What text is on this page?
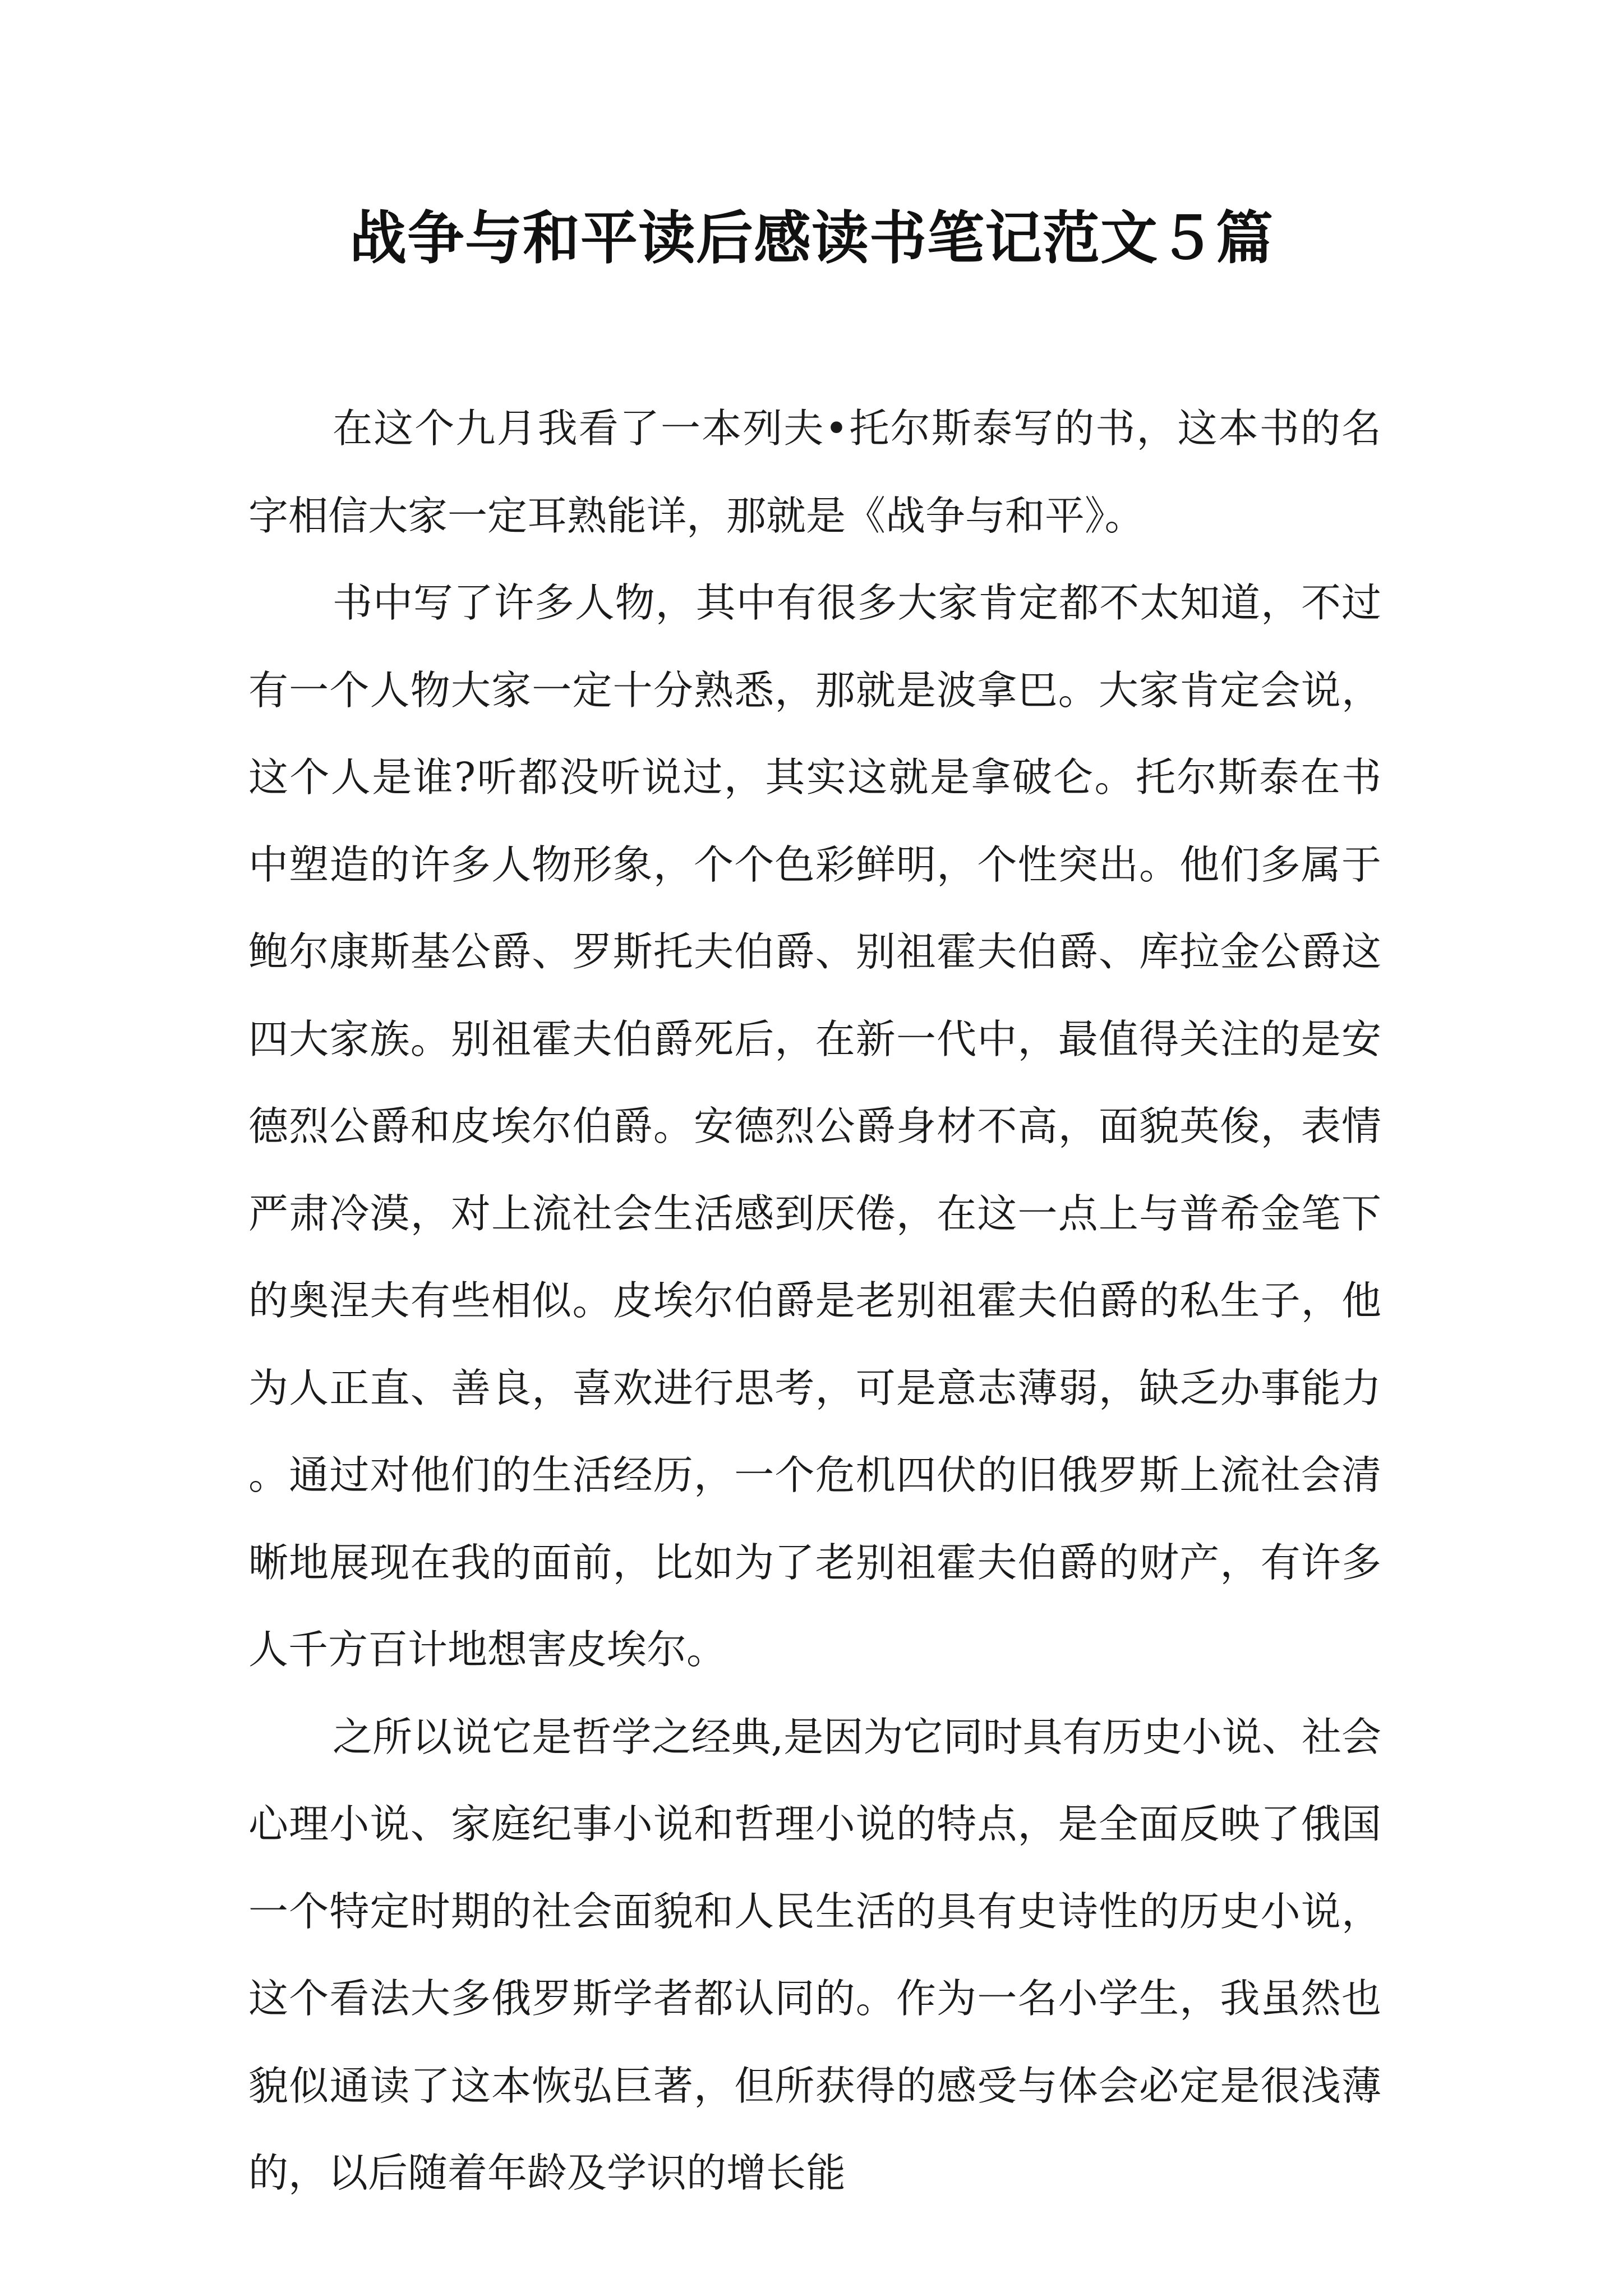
战争与和平读后感读书笔记范文５篇

在这个九月我看了一本列夫•托尔斯泰写的书，这本书的名字相信大家一定耳熟能详，那就是《战争与和平》。

书中写了许多人物，其中有很多大家肯定都不太知道，不过有一个人物大家一定十分熟悉，那就是波拿巴。大家肯定会说，这个人是谁?听都没听说过，其实这就是拿破仑。托尔斯泰在书中塑造的许多人物形象，个个色彩鲜明，个性突出。他们多属于鲍尔康斯基公爵、罗斯托夫伯爵、别祖霍夫伯爵、库拉金公爵这四大家族。别祖霍夫伯爵死后，在新一代中，最值得关注的是安德烈公爵和皮埃尔伯爵。安德烈公爵身材不高，面貌英俊，表情严肃冷漠，对上流社会生活感到厌倦，在这一点上与普希金笔下的奥涅夫有些相似。皮埃尔伯爵是老别祖霍夫伯爵的私生子，他为人正直、善良，喜欢进行思考，可是意志薄弱，缺乏办事能力。通过对他们的生活经历，一个危机四伏的旧俄罗斯上流社会清晰地展现在我的面前，比如为了老别祖霍夫伯爵的财产，有许多人千方百计地想害皮埃尔。

之所以说它是哲学之经典,是因为它同时具有历史小说、社会心理小说、家庭纪事小说和哲理小说的特点，是全面反映了俄国一个特定时期的社会面貌和人民生活的具有史诗性的历史小说，这个看法大多俄罗斯学者都认同的。作为一名小学生，我虽然也貌似通读了这本恢弘巨著，但所获得的感受与体会必定是很浅薄的，以后随着年龄及学识的增长能
